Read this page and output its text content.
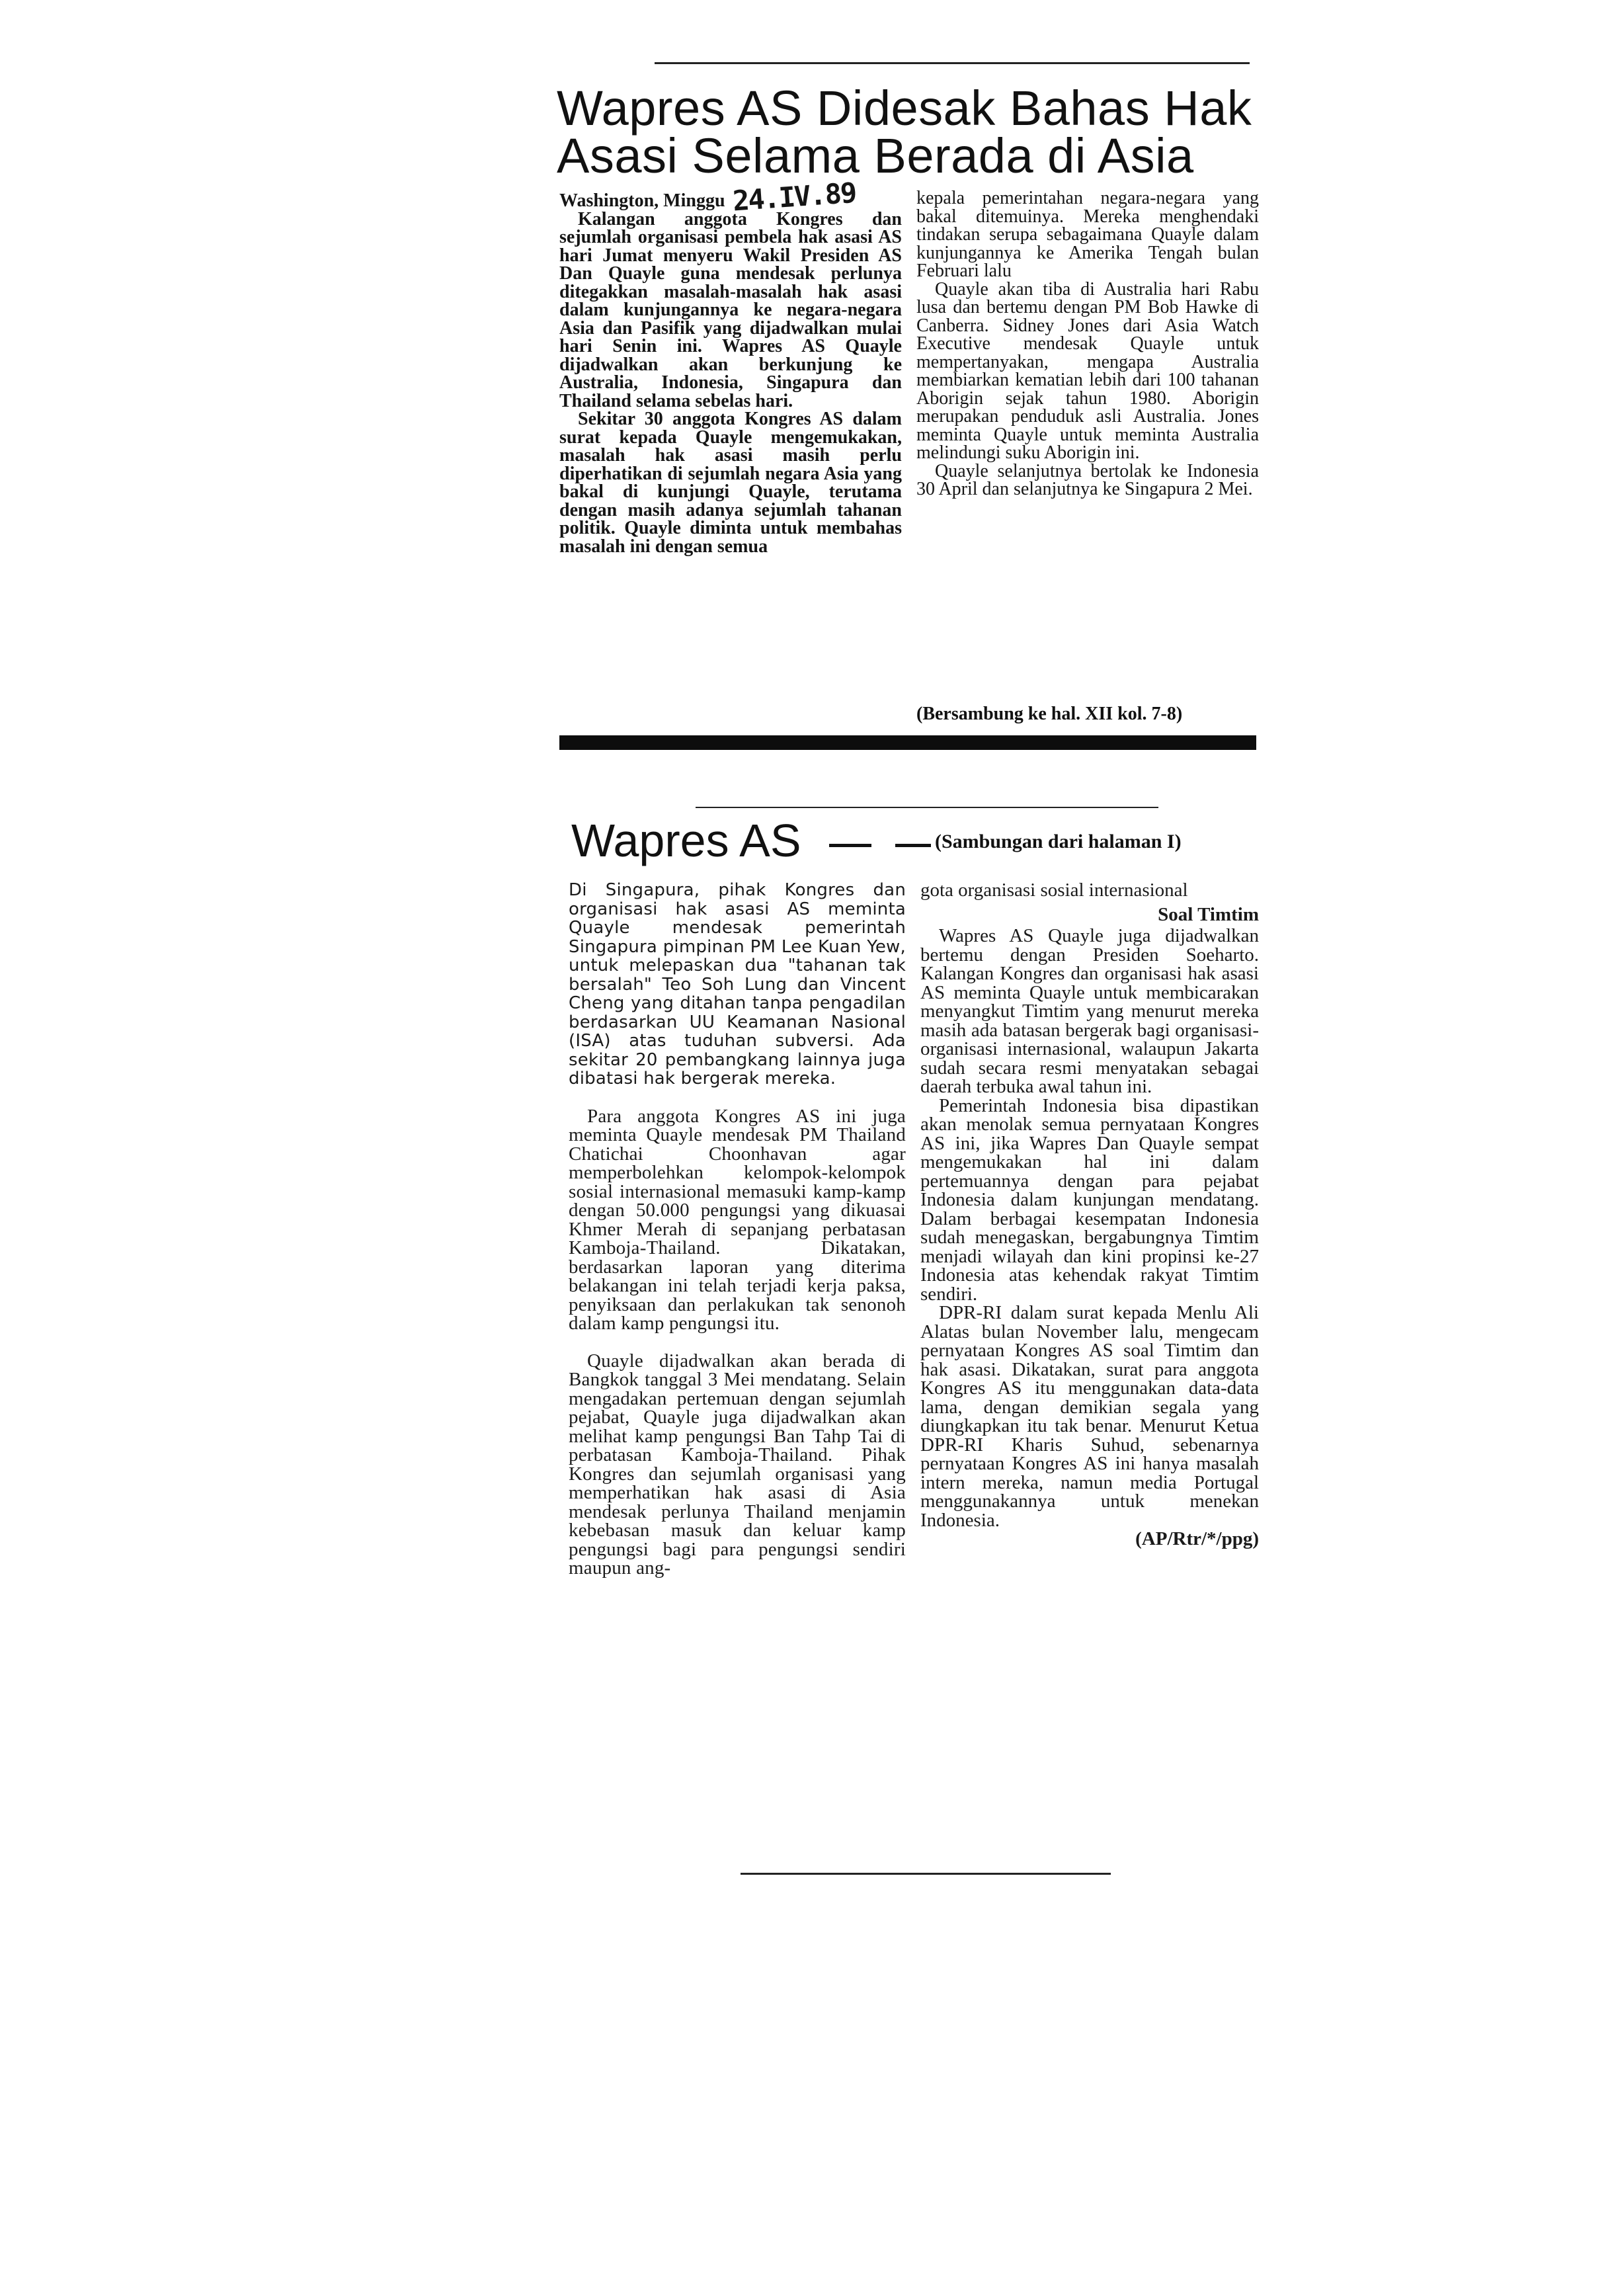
Wapres AS Didesak Bahas Hak
Asasi Selama Berada di Asia

Washington, Minggu 24.IV.89

Kalangan anggota Kongres dan sejumlah organisasi pembela hak asasi AS hari Jumat menyeru Wakil Presiden AS Dan Quayle guna mendesak perlunya ditegakkan masalah-masalah hak asasi dalam kunjungannya ke negara-negara Asia dan Pasifik yang dijadwalkan mulai hari Senin ini. Wapres AS Quayle dijadwalkan akan berkunjung ke Australia, Indonesia, Singapura dan Thailand selama sebelas hari.

Sekitar 30 anggota Kongres AS dalam surat kepada Quayle mengemukakan, masalah hak asasi masih perlu diperhatikan di sejumlah negara Asia yang bakal di kunjungi Quayle, terutama dengan masih adanya sejumlah tahanan politik. Quayle diminta untuk membahas masalah ini dengan semua

kepala pemerintahan negara-negara yang bakal ditemuinya. Mereka menghendaki tindakan serupa sebagaimana Quayle dalam kunjungannya ke Amerika Tengah bulan Februari lalu

Quayle akan tiba di Australia hari Rabu lusa dan bertemu dengan PM Bob Hawke di Canberra. Sidney Jones dari Asia Watch Executive mendesak Quayle untuk mempertanyakan, mengapa Australia membiarkan kematian lebih dari 100 tahanan Aborigin sejak tahun 1980. Aborigin merupakan penduduk asli Australia. Jones meminta Quayle untuk meminta Australia melindungi suku Aborigin ini.

Quayle selanjutnya bertolak ke Indonesia 30 April dan selanjutnya ke Singapura 2 Mei.

(Bersambung ke hal. XII kol. 7-8)
Wapres AS	(Sambungan dari halaman I)

Di Singapura, pihak Kongres dan organisasi hak asasi AS meminta Quayle mendesak pemerintah Singapura pimpinan PM Lee Kuan Yew, untuk melepaskan dua "tahanan tak bersalah" Teo Soh Lung dan Vincent Cheng yang ditahan tanpa pengadilan berdasarkan UU Keamanan Nasional (ISA) atas tuduhan subversi. Ada sekitar 20 pembangkang lainnya juga dibatasi hak bergerak mereka.

Para anggota Kongres AS ini juga meminta Quayle mendesak PM Thailand Chatichai Choonhavan agar memperbolehkan kelompok-kelompok sosial internasional memasuki kamp-kamp dengan 50.000 pengungsi yang dikuasai Khmer Merah di sepanjang perbatasan Kamboja-Thailand. Dikatakan, berdasarkan laporan yang diterima belakangan ini telah terjadi kerja paksa, penyiksaan dan perlakukan tak senonoh dalam kamp pengungsi itu.

Quayle dijadwalkan akan berada di Bangkok tanggal 3 Mei mendatang. Selain mengadakan pertemuan dengan sejumlah pejabat, Quayle juga dijadwalkan akan melihat kamp pengungsi Ban Tahp Tai di perbatasan Kamboja-Thailand. Pihak Kongres dan sejumlah organisasi yang memperhatikan hak asasi di Asia mendesak perlunya Thailand menjamin kebebasan masuk dan keluar kamp pengungsi bagi para pengungsi sendiri maupun ang-

gota organisasi sosial internasional

Soal Timtim

Wapres AS Quayle juga dijadwalkan bertemu dengan Presiden Soeharto. Kalangan Kongres dan organisasi hak asasi AS meminta Quayle untuk membicarakan menyangkut Timtim yang menurut mereka masih ada batasan bergerak bagi organisasi-organisasi internasional, walaupun Jakarta sudah secara resmi menyatakan sebagai daerah terbuka awal tahun ini.

Pemerintah Indonesia bisa dipastikan akan menolak semua pernyataan Kongres AS ini, jika Wapres Dan Quayle sempat mengemukakan hal ini dalam pertemuannya dengan para pejabat Indonesia dalam kunjungan mendatang. Dalam berbagai kesempatan Indonesia sudah menegaskan, bergabungnya Timtim menjadi wilayah dan kini propinsi ke-27 Indonesia atas kehendak rakyat Timtim sendiri.

DPR-RI dalam surat kepada Menlu Ali Alatas bulan November lalu, mengecam pernyataan Kongres AS soal Timtim dan hak asasi. Dikatakan, surat para anggota Kongres AS itu menggunakan data-data lama, dengan demikian segala yang diungkapkan itu tak benar. Menurut Ketua DPR-RI Kharis Suhud, sebenarnya pernyataan Kongres AS ini hanya masalah intern mereka, namun media Portugal menggunakannya untuk menekan Indonesia.

(AP/Rtr/*/ppg)
